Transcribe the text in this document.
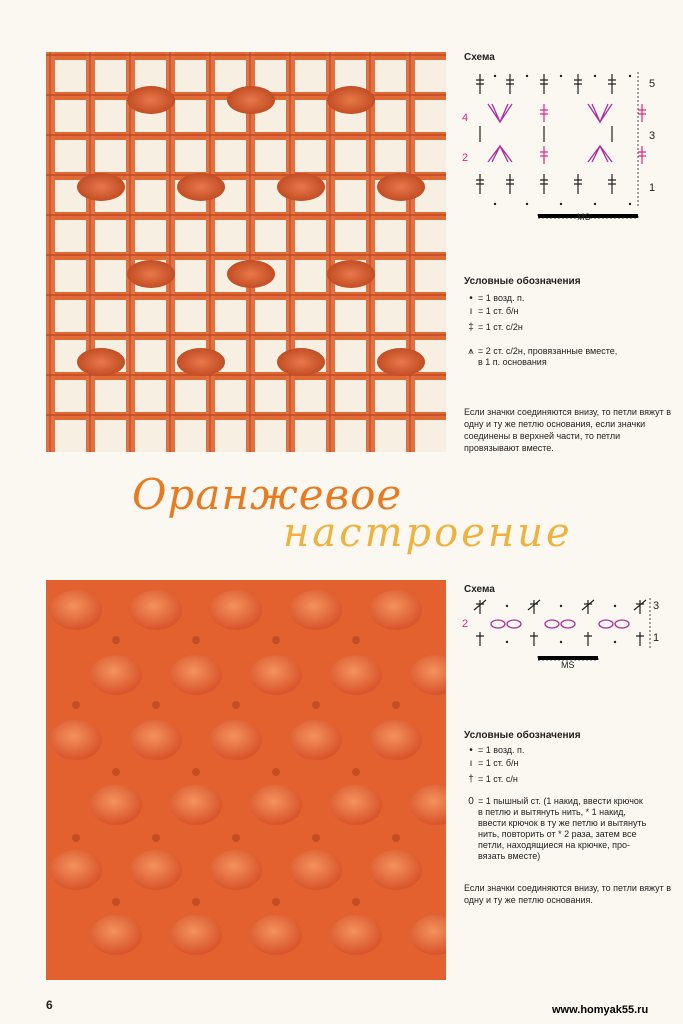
Схема
5
4
3
2
1
MS
Условные обозначения
• = 1 возд. п.
ı = 1 ст. б/н
‡ = 1 ст. с/2н
⩚ = 2 ст. с/2н, провязанные вместе,
в 1 п. основания
Если значки соединяются внизу, то петли вяжут в одну и ту же петлю основания, если значки соединены в верхней части, то петли провязывают вместе.
Оранжевое
настроение
Схема
3
2
1
MS
Условные обозначения
• = 1 возд. п.
ı = 1 ст. б/н
† = 1 ст. с/н
0 = 1 пышный ст. (1 накид, ввести крючок
в петлю и вытянуть нить, * 1 накид,
ввести крючок в ту же петлю и вытянуть
нить, повторить от * 2 раза, затем все
петли, находящиеся на крючке, про-
вязать вместе)
Если значки соединяются внизу, то петли вяжут в одну и ту же петлю основания.
6	www.homyak55.ru
